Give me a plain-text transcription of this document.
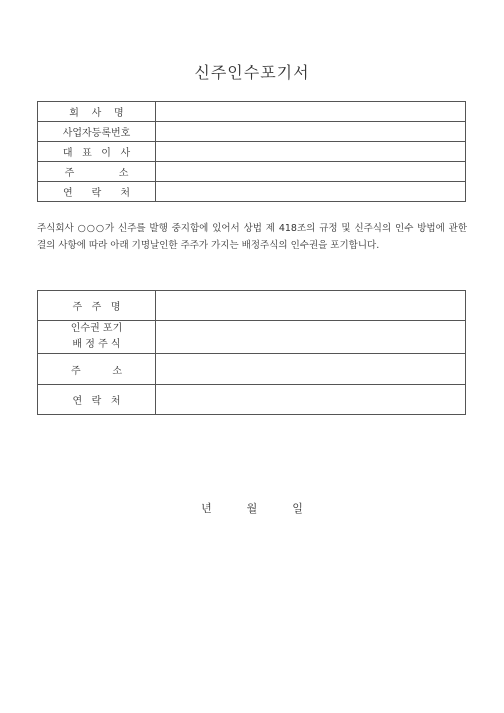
신주인수포기서
회    사    명	
사업자등록번호	
대   표   이   사	
주              소	
연      락      처	
주식회사 ○○○가 신주를 발행 중지함에 있어서 상법 제 418조의 규정 및 신주식의 인수 방법에 관한 결의 사항에 따라 아래 기명날인한 주주가 가지는 배정주식의 인수권을 포기합니다.
주   주   명	

인수권 포기
배 정 주 식	

주          소	
연   락   처	
년          월          일
